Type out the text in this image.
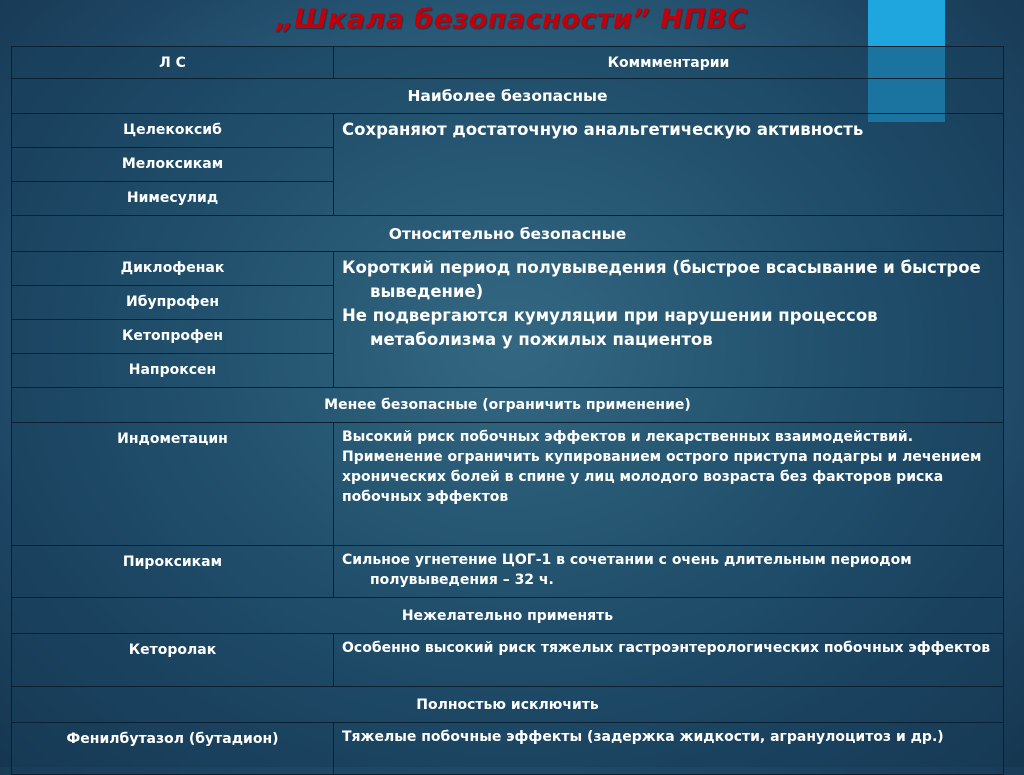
„Шкала безопасности” НПВС
Л С	Коммментарии
Наиболее безопасные	
Целекоксиб	Сохраняют достаточную анальгетическую активность

Мелоксикам	
Нимесулид	
Относительно безопасные	
Диклофенак	Короткий период полувыведения (быстрое всасывание и быстрое выведение)

Не подвергаются кумуляции при нарушении процессов метаболизма у пожилых пациентов

Ибупрофен	
Кетопрофен	
Напроксен	
Менее безопасные (ограничить применение)	
Индометацин	Высокий риск побочных эффектов и лекарственных взаимодействий.

Применение ограничить купированием острого приступа подагры и лечением хронических болей в спине у лиц молодого возраста без факторов риска побочных эффектов

Пироксикам	Сильное угнетение ЦОГ-1 в сочетании с очень длительным периодом полувыведения – 32 ч.

Нежелательно применять	
Кеторолак	Особенно высокий риск тяжелых гастроэнтерологических побочных эффектов

Полностью исключить	
Фенилбутазол (бутадион)	Тяжелые побочные эффекты (задержка жидкости, агранулоцитоз и др.)
